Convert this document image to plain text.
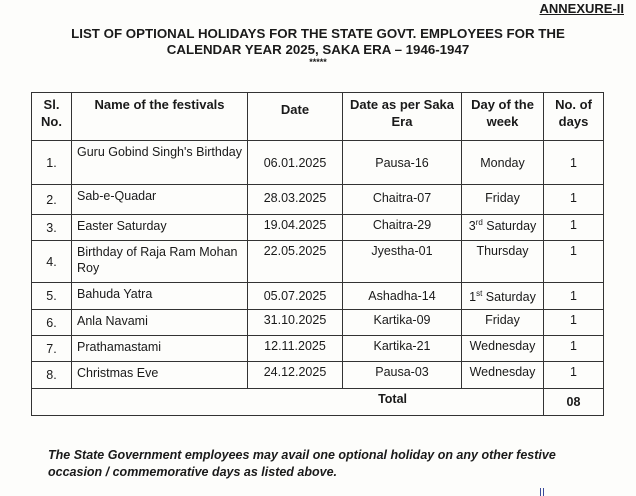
ANNEXURE-II
LIST OF OPTIONAL HOLIDAYS FOR THE STATE GOVT. EMPLOYEES FOR THE
CALENDAR YEAR 2025, SAKA ERA – 1946-1947
*****
Sl. No.	Name of the festivals	Date	Date as per Saka Era	Day of the week	No. of days
1.	Guru Gobind Singh's Birthday	06.01.2025	Pausa-16	Monday	1
2.	Sab-e-Quadar	28.03.2025	Chaitra-07	Friday	1
3.	Easter Saturday	19.04.2025	Chaitra-29	3rd Saturday	1
4.	Birthday of Raja Ram Mohan Roy	22.05.2025	Jyestha-01	Thursday	1
5.	Bahuda Yatra	05.07.2025	Ashadha-14	1st Saturday	1
6.	Anla Navami	31.10.2025	Kartika-09	Friday	1
7.	Prathamastami	12.11.2025	Kartika-21	Wednesday	1
8.	Christmas Eve	24.12.2025	Pausa-03	Wednesday	1
Total					08
The State Government employees may avail one optional holiday on any other festive occasion / commemorative days as listed above.
